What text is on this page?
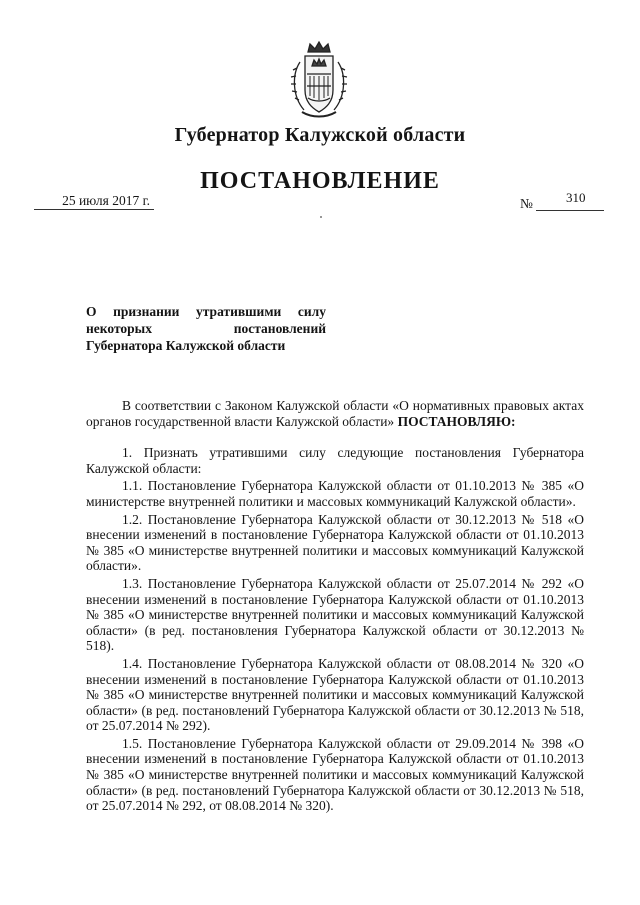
Губернатор Калужской области
ПОСТАНОВЛЕНИЕ
25 июля 2017 г.	№	310
О признании утратившими силу
некоторых постановлений
Губернатора Калужской области

В соответствии с Законом Калужской области «О нормативных правовых актах органов государственной власти Калужской области» ПОСТАНОВЛЯЮ:

1. Признать утратившими силу следующие постановления Губернатора Калужской области:

1.1. Постановление Губернатора Калужской области от 01.10.2013 № 385 «О министерстве внутренней политики и массовых коммуникаций Калужской области».

1.2. Постановление Губернатора Калужской области от 30.12.2013 № 518 «О внесении изменений в постановление Губернатора Калужской области от 01.10.2013 № 385 «О министерстве внутренней политики и массовых коммуникаций Калужской области».

1.3. Постановление Губернатора Калужской области от 25.07.2014 № 292 «О внесении изменений в постановление Губернатора Калужской области от 01.10.2013 № 385 «О министерстве внутренней политики и массовых коммуникаций Калужской области» (в ред. постановления Губернатора Калужской области от 30.12.2013 № 518).

1.4. Постановление Губернатора Калужской области от 08.08.2014 № 320 «О внесении изменений в постановление Губернатора Калужской области от 01.10.2013 № 385 «О министерстве внутренней политики и массовых коммуникаций Калужской области» (в ред. постановлений Губернатора Калужской области от 30.12.2013 № 518, от 25.07.2014 № 292).

1.5. Постановление Губернатора Калужской области от 29.09.2014 № 398 «О внесении изменений в постановление Губернатора Калужской области от 01.10.2013 № 385 «О министерстве внутренней политики и массовых коммуникаций Калужской области» (в ред. постановлений Губернатора Калужской области от 30.12.2013 № 518, от 25.07.2014 № 292, от 08.08.2014 № 320).
